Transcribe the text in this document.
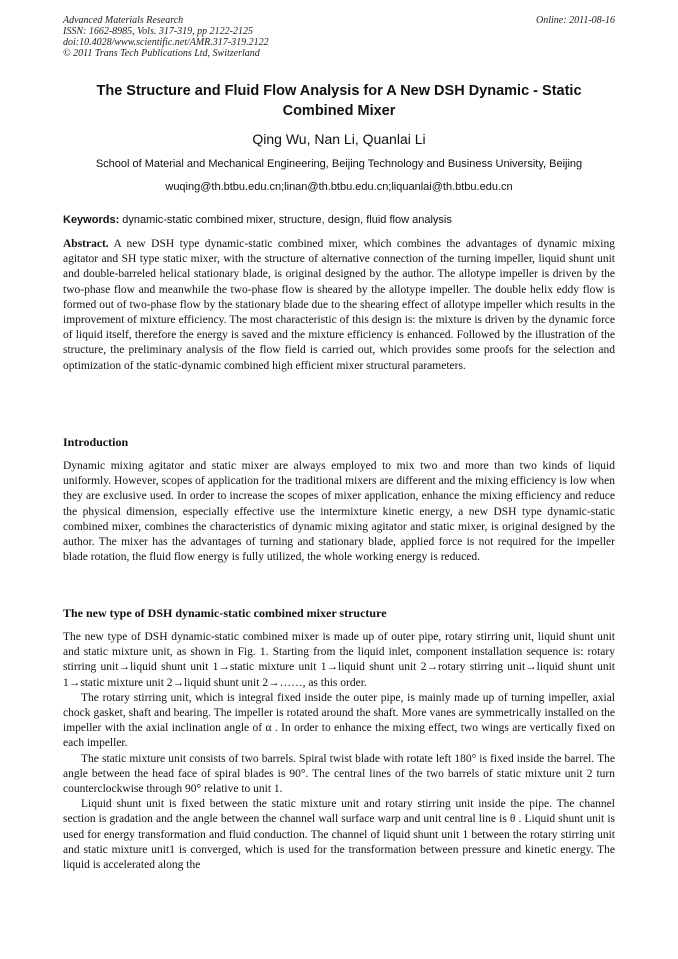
Advanced Materials Research
ISSN: 1662-8985, Vols. 317-319, pp 2122-2125
doi:10.4028/www.scientific.net/AMR.317-319.2122
© 2011 Trans Tech Publications Ltd, Switzerland
Online: 2011-08-16
The Structure and Fluid Flow Analysis for A New DSH Dynamic - Static Combined Mixer
Qing Wu, Nan Li, Quanlai Li
School of Material and Mechanical Engineering, Beijing Technology and Business University, Beijing
wuqing@th.btbu.edu.cn;linan@th.btbu.edu.cn;liquanlai@th.btbu.edu.cn
Keywords: dynamic-static combined mixer, structure, design, fluid flow analysis
Abstract. A new DSH type dynamic-static combined mixer, which combines the advantages of dynamic mixing agitator and SH type static mixer, with the structure of alternative connection of the turning impeller, liquid shunt unit and double-barreled helical stationary blade, is original designed by the author. The allotype impeller is driven by the two-phase flow and meanwhile the two-phase flow is sheared by the allotype impeller. The double helix eddy flow is formed out of two-phase flow by the stationary blade due to the shearing effect of allotype impeller which results in the improvement of mixture efficiency. The most characteristic of this design is: the mixture is driven by the dynamic force of liquid itself, therefore the energy is saved and the mixture efficiency is enhanced. Followed by the illustration of the structure, the preliminary analysis of the flow field is carried out, which provides some proofs for the selection and optimization of the static-dynamic combined high efficient mixer structural parameters.
Introduction
Dynamic mixing agitator and static mixer are always employed to mix two and more than two kinds of liquid uniformly. However, scopes of application for the traditional mixers are different and the mixing efficiency is low when they are exclusive used. In order to increase the scopes of mixer application, enhance the mixing efficiency and reduce the physical dimension, especially effective use the intermixture kinetic energy, a new DSH type dynamic-static combined mixer, combines the characteristics of dynamic mixing agitator and static mixer, is original designed by the author. The mixer has the advantages of turning and stationary blade, applied force is not required for the impeller blade rotation, the fluid flow energy is fully utilized, the whole working energy is reduced.
The new type of DSH dynamic-static combined mixer structure

The new type of DSH dynamic-static combined mixer is made up of outer pipe, rotary stirring unit, liquid shunt unit and static mixture unit, as shown in Fig. 1. Starting from the liquid inlet, component installation sequence is: rotary stirring unit→liquid shunt unit 1→static mixture unit 1→liquid shunt unit 2→rotary stirring unit→liquid shunt unit 1→static mixture unit 2→liquid shunt unit 2→……, as this order.

The rotary stirring unit, which is integral fixed inside the outer pipe, is mainly made up of turning impeller, axial chock gasket, shaft and bearing. The impeller is rotated around the shaft. More vanes are symmetrically installed on the impeller with the axial inclination angle of α . In order to enhance the mixing effect, two wings are vertically fixed on each impeller.

The static mixture unit consists of two barrels. Spiral twist blade with rotate left 180° is fixed inside the barrel. The angle between the head face of spiral blades is 90°. The central lines of the two barrels of static mixture unit 2 turn counterclockwise through 90° relative to unit 1.

Liquid shunt unit is fixed between the static mixture unit and rotary stirring unit inside the pipe. The channel section is gradation and the angle between the channel wall surface warp and unit central line is θ . Liquid shunt unit is used for energy transformation and fluid conduction. The channel of liquid shunt unit 1 between the rotary stirring unit and static mixture unit1 is converged, which is used for the transformation between pressure and kinetic energy. The liquid is accelerated along the
